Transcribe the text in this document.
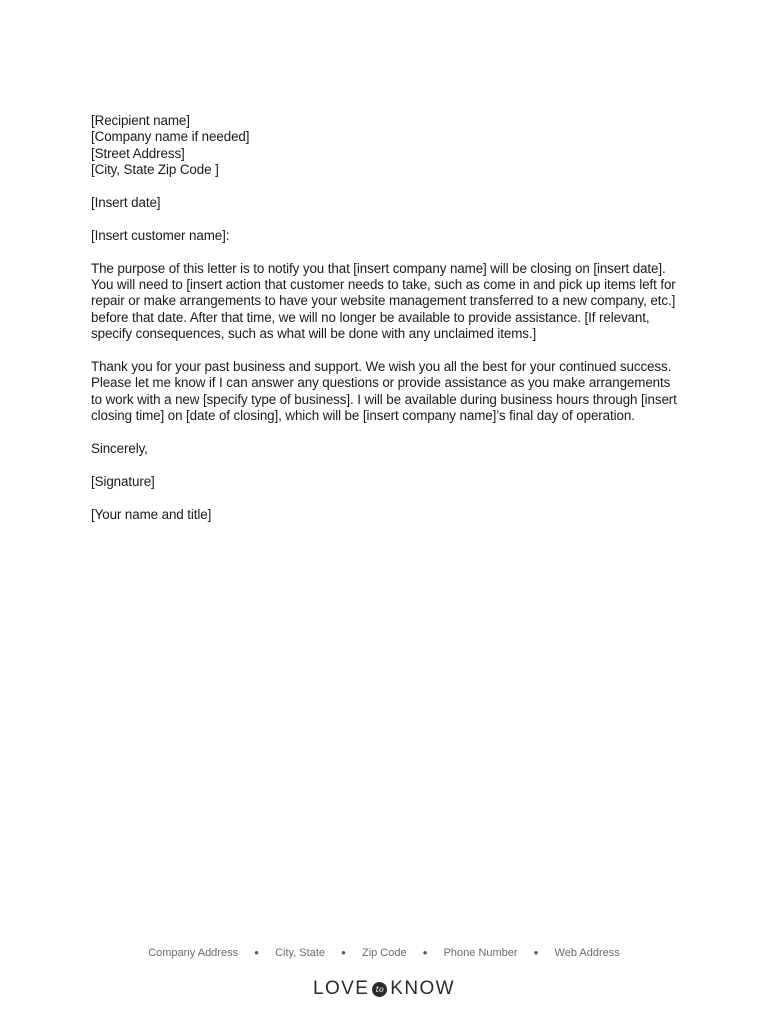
[Recipient name]
[Company name if needed]
[Street Address]
[City, State Zip Code ]

[Insert date]

[Insert customer name]:

The purpose of this letter is to notify you that [insert company name] will be closing on [insert date]. You will need to [insert action that customer needs to take, such as come in and pick up items left for repair or make arrangements to have your website management transferred to a new company, etc.] before that date. After that time, we will no longer be available to provide assistance. [If relevant, specify consequences, such as what will be done with any unclaimed items.]

Thank you for your past business and support. We wish you all the best for your continued success. Please let me know if I can answer any questions or provide assistance as you make arrangements to work with a new [specify type of business]. I will be available during business hours through [insert closing time] on [date of closing], which will be [insert company name]’s final day of operation.

Sincerely,

[Signature]

[Your name and title]

Company Address ● City, State ● Zip Code ● Phone Number ● Web Address
LOVE to KNOW
